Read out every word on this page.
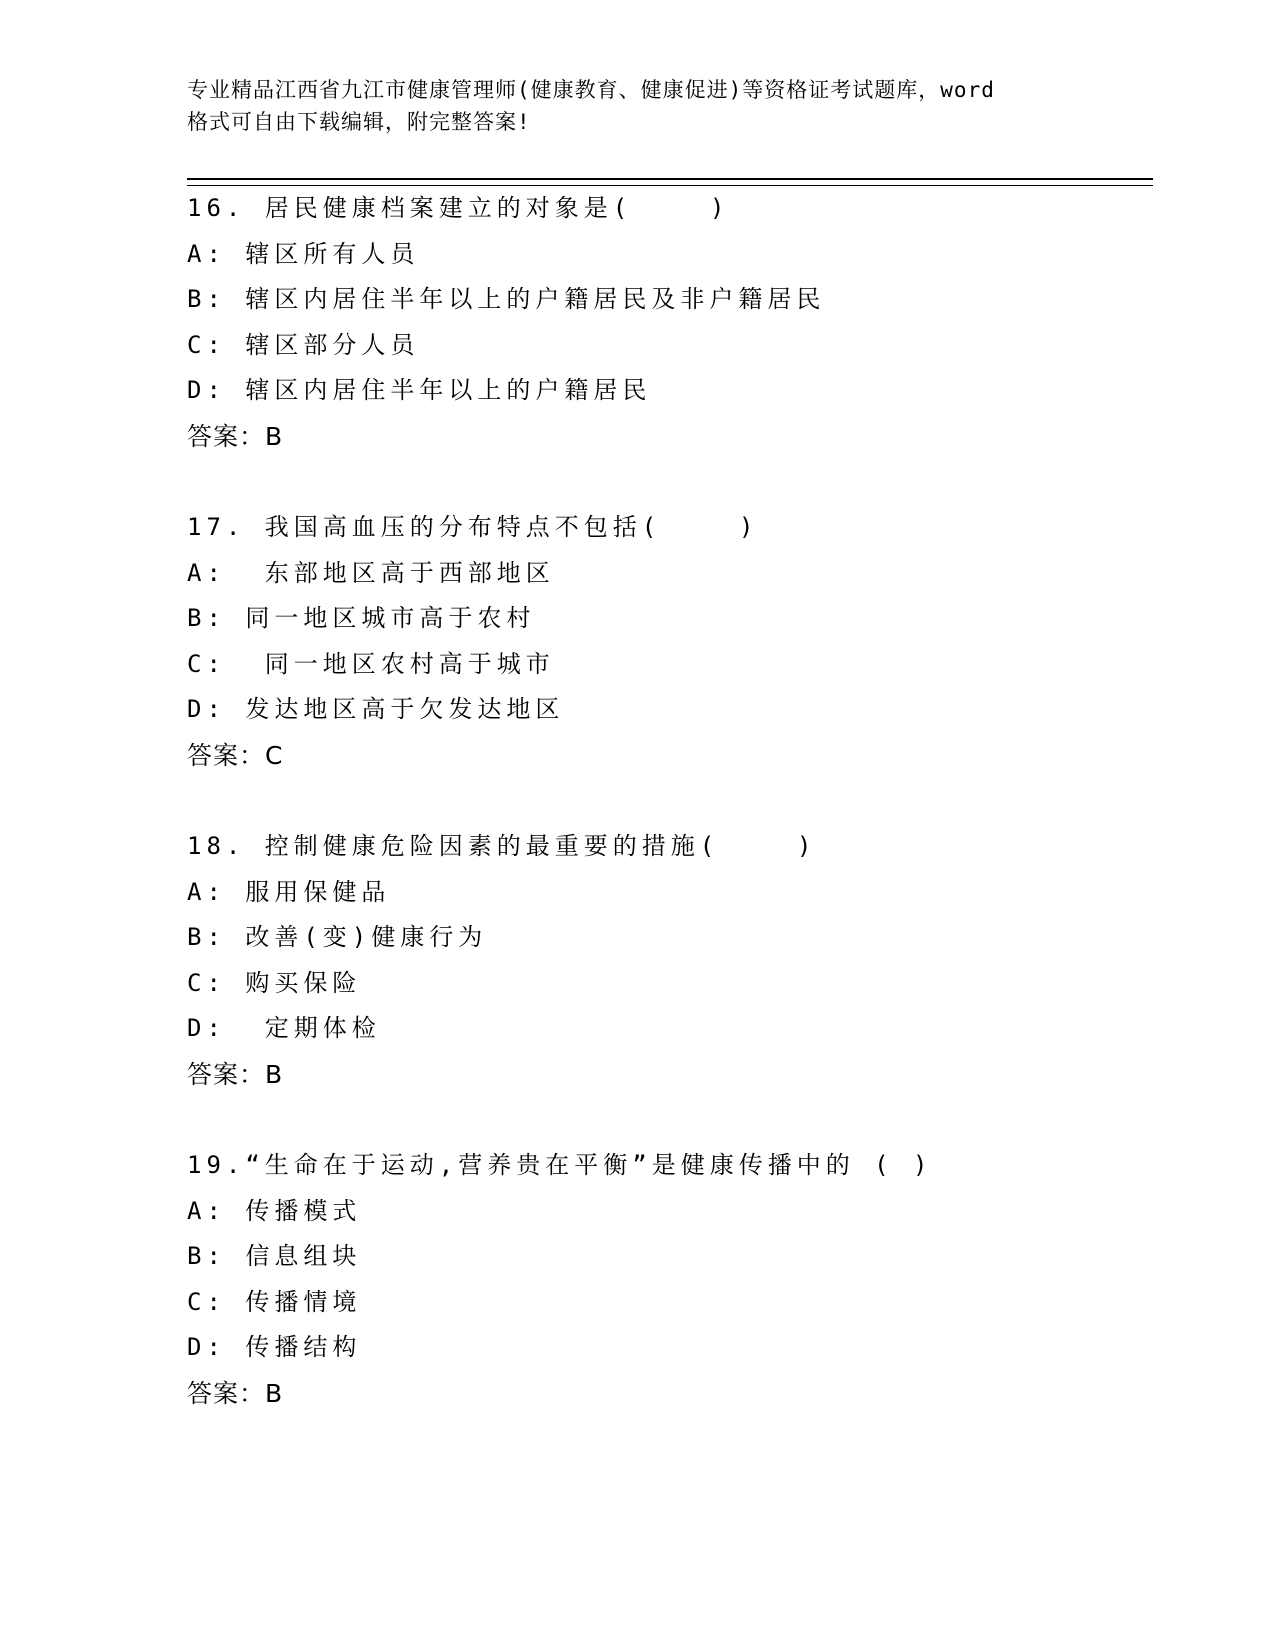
专业精品江西省九江市健康管理师(健康教育、健康促进)等资格证考试题库，word
格式可自由下载编辑，附完整答案!
16. 居民健康档案建立的对象是(    )
A: 辖区所有人员
B: 辖区内居住半年以上的户籍居民及非户籍居民
C: 辖区部分人员
D: 辖区内居住半年以上的户籍居民
答案：B
17. 我国高血压的分布特点不包括(    )
A:  东部地区高于西部地区
B: 同一地区城市高于农村
C:  同一地区农村高于城市
D: 发达地区高于欠发达地区
答案：C
18. 控制健康危险因素的最重要的措施(    )
A: 服用保健品
B: 改善(变)健康行为
C: 购买保险
D:  定期体检
答案：B
19.“生命在于运动,营养贵在平衡”是健康传播中的 ( )
A: 传播模式
B: 信息组块
C: 传播情境
D: 传播结构
答案：B
